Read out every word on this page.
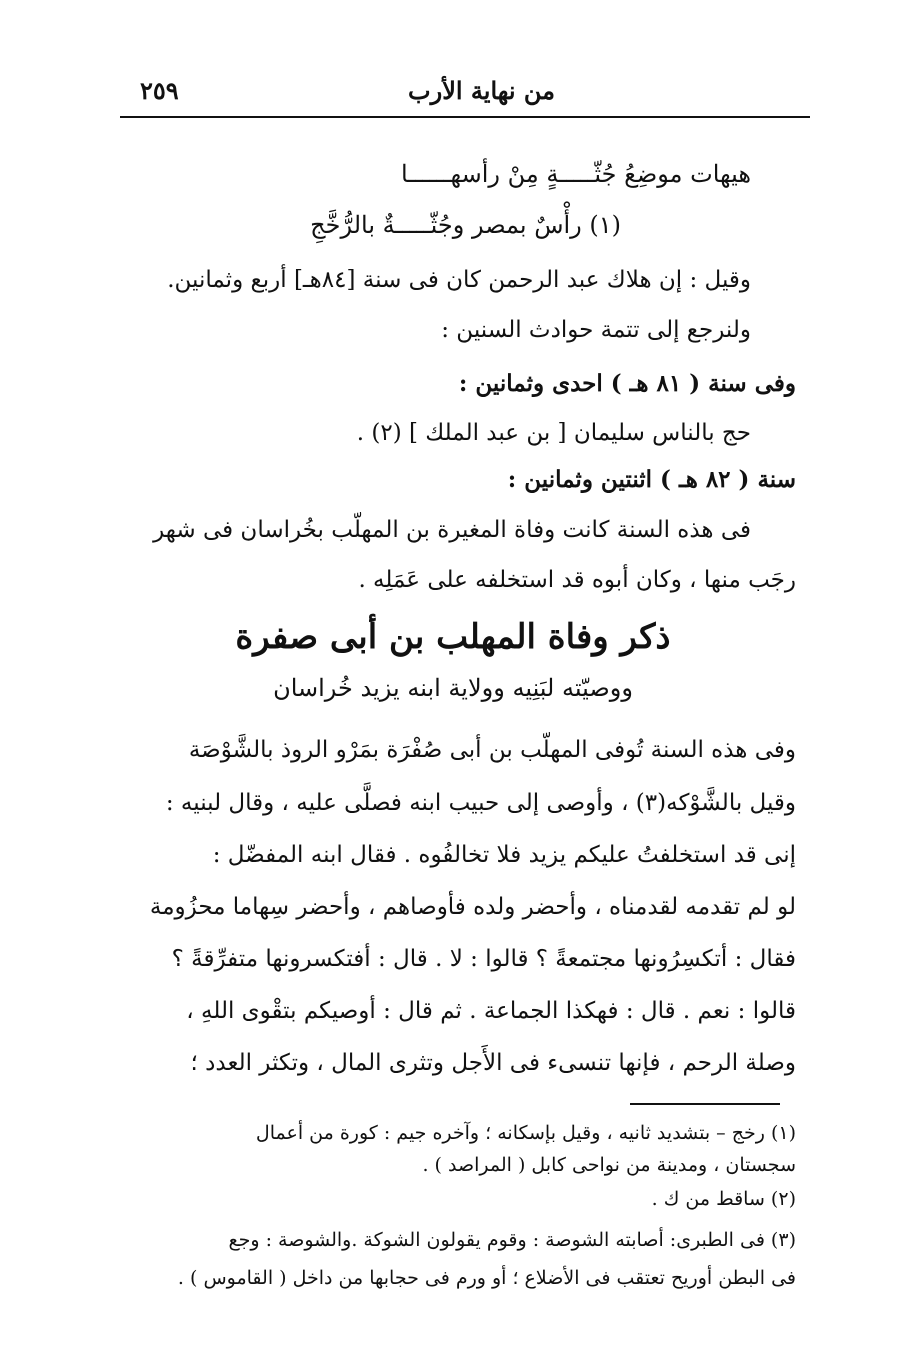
٢٥٩	من نهاية الأرب
هيهات موضِعُ جُثّـــــةٍ مِنْ رأسهــــــا
(١) رأْسٌ بمصر وجُثّـــــةٌ بالرُّخَّجِ
وقيل : إن هلاك عبد الرحمن كان فى سنة [٨٤هـ] أربع وثمانين.
ولنرجع إلى تتمة حوادث السنين :
وفى سنة ( ٨١ هـ ) احدى وثمانين :
حج بالناس سليمان [ بن عبد الملك ] (٢) .
سنة ( ٨٢ هـ ) اثنتين وثمانين :
فى هذه السنة كانت وفاة المغيرة بن المهلّب بخُراسان فى شهر
رجَب منها ، وكان أبوه قد استخلفه على عَمَلِه .
ذكر وفاة المهلب بن أبى صفرة
ووصيّته لبَنِيه وولاية ابنه يزيد خُراسان
وفى هذه السنة تُوفى المهلّب بن أبى صُفْرَة بمَرْو الروذ بالشَّوْصَة
وقيل بالشَّوْكه(٣) ، وأوصى إلى حبيب ابنه فصلَّى عليه ، وقال لبنيه :
إنى قد استخلفتُ عليكم يزيد فلا تخالفُوه . فقال ابنه المفضّل :
لو لم تقدمه لقدمناه ، وأحضر ولده فأوصاهم ، وأحضر سِهاما محزُومة
فقال : أتكسِرُونها مجتمعةً ؟ قالوا : لا . قال : أفتكسرونها متفرِّقةً ؟
قالوا : نعم . قال : فهكذا الجماعة . ثم قال : أوصيكم بتقْوى اللهِ ،
وصلة الرحم ، فإنها تنسىء فى الأَجل وتثرى المال ، وتكثر العدد ؛
(١) رخج – بتشديد ثانيه ، وقيل بإسكانه ؛ وآخره جيم : كورة من أعمال
سجستان ، ومدينة من نواحى كابل ( المراصد ) .
(٢) ساقط من ك .
(٣) فى الطبرى: أصابته الشوصة : وقوم يقولون الشوكة .والشوصة : وجع
فى البطن أوريح تعتقب فى الأضلاع ؛ أو ورم فى حجابها من داخل ( القاموس ) .
